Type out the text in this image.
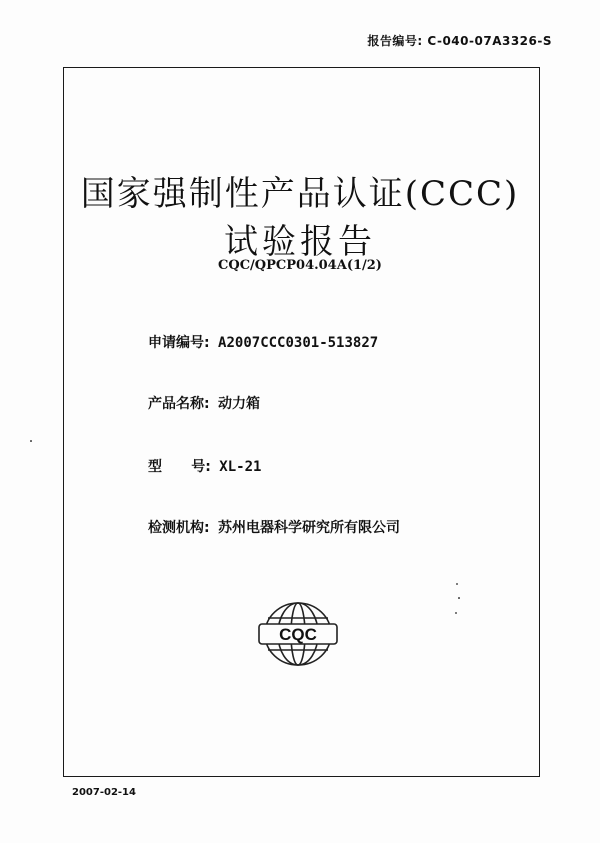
报告编号: C-040-07A3326-S
国家强制性产品认证(CCC)
试验报告
CQC/QPCP04.04A(1/2)
申请编号: A2007CCC0301-513827
产品名称: 动力箱
型      号: XL-21
检测机构: 苏州电器科学研究所有限公司
CQC
2007-02-14
